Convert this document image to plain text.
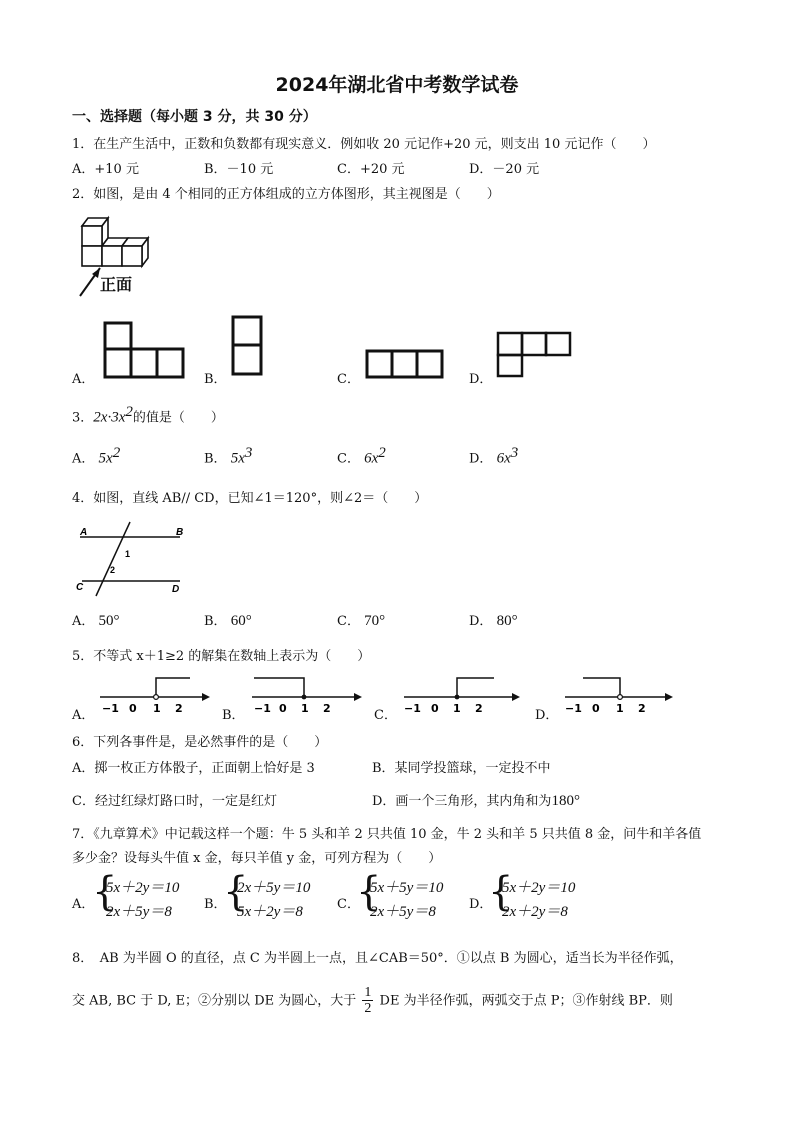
2024年湖北省中考数学试卷
一、选择题（每小题 3 分，共 30 分）
1．在生产生活中，正数和负数都有现实意义．例如收 20 元记作+20 元，则支出 10 元记作（　　）
A．+10 元	B．－10 元	C．+20 元	D．－20 元
2．如图，是由 4 个相同的正方体组成的立方体图形，其主视图是（　　）
正面
A．	B．	C．	D．
3．$2x\cdot 3x^2$的值是（　　）
A． $5x^2$	B． $5x^3$	C． $6x^2$	D． $6x^3$
4．如图，直线 AB// CD，已知∠1＝120°，则∠2＝（　　）
A	B
C	D
1
2
A． 50°	B． 60°	C． 70°	D． 80°
5．不等式 x＋1≥2 的解集在数轴上表示为（　　）
A． −1 0 1 2	B． −1 0 1 2	C． −1 0 1 2	D． −1 0 1 2
6．下列各事件是，是必然事件的是（　　）
A．掷一枚正方体骰子，正面朝上恰好是 3	B．某同学投篮球，一定投不中
C．经过红绿灯路口时，一定是红灯	D．画一个三角形，其内角和为180°
7．《九章算术》中记载这样一个题：牛 5 头和羊 2 只共值 10 金，牛 2 头和羊 5 只共值 8 金，问牛和羊各值
多少金？设每头牛值 x 金，每只羊值 y 金，可列方程为（　　）
A．
{
5x＋2y＝10
2x＋5y＝8 B．
{
2x＋5y＝10
5x＋2y＝8	C．
{
5x＋5y＝10
2x＋5y＝8	D．
{
5x＋2y＝10
2x＋2y＝8
8．　AB 为半圆 O 的直径，点 C 为半圆上一点，且∠CAB＝50°．①以点 B 为圆心，适当长为半径作弧，
交 AB, BC 于 D, E；②分别以 DE 为圆心，大于 $\frac{1}{2}$ DE 为半径作弧，两弧交于点 P；③作射线 BP．则
